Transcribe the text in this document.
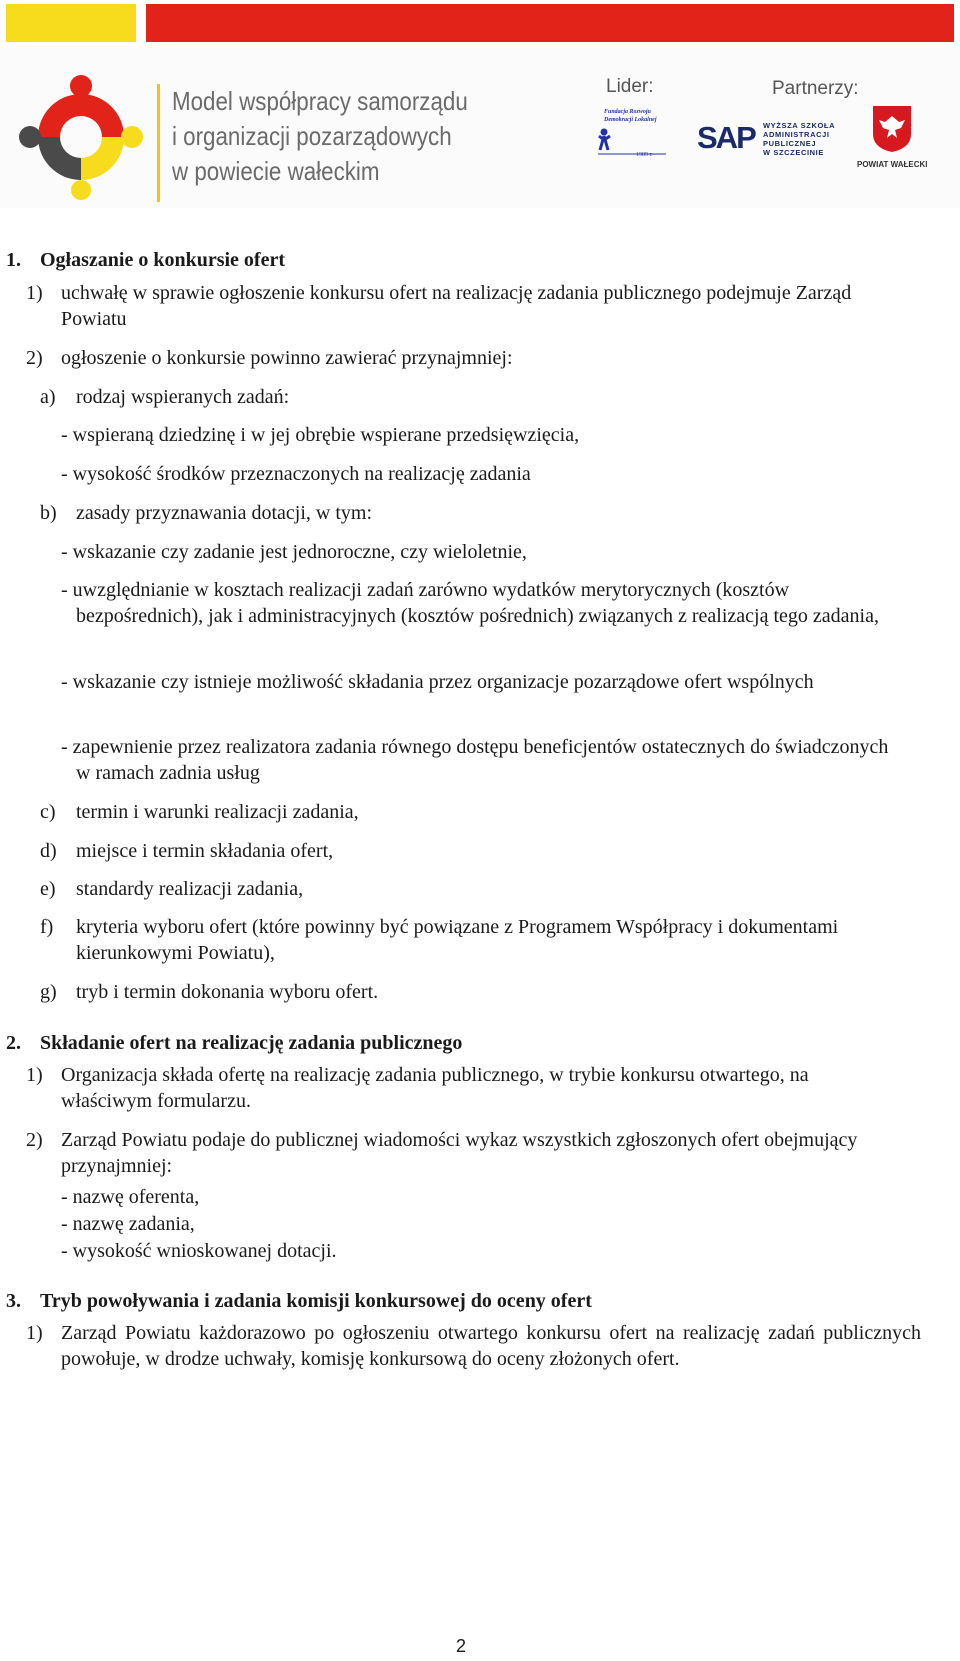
Model współpracy samorządu
i organizacji pozarządowych
w powiecie wałeckim
Lider:
Fundacja Rozwoju Demokracji Lokalnej
1989 r.
Partnerzy:
SAP WYŻSZA SZKOŁA
ADMINISTRACJI
PUBLICZNEJ
W SZCZECINIE
POWIAT WAŁECKI
1. Ogłaszanie o konkursie ofert
1) uchwałę w sprawie ogłoszenie konkursu ofert na realizację zadania publicznego podejmuje Zarząd Powiatu
2) ogłoszenie o konkursie powinno zawierać przynajmniej:
a) rodzaj wspieranych zadań:
- wspieraną dziedzinę i w jej obrębie wspierane przedsięwzięcia,
- wysokość środków przeznaczonych na realizację zadania
b) zasady przyznawania dotacji, w tym:
- wskazanie czy zadanie jest jednoroczne, czy wieloletnie,
- uwzględnianie w kosztach realizacji zadań zarówno wydatków merytorycznych (kosztów bezpośrednich), jak i administracyjnych (kosztów pośrednich) związanych z realizacją tego zadania,
- wskazanie czy istnieje możliwość składania przez organizacje pozarządowe ofert wspólnych
- zapewnienie przez realizatora zadania równego dostępu beneficjentów ostatecznych do świadczonych w ramach zadnia usług
c) termin i warunki realizacji zadania,
d) miejsce i termin składania ofert,
e) standardy realizacji zadania,
f) kryteria wyboru ofert (które powinny być powiązane z Programem Współpracy i dokumentami kierunkowymi Powiatu),
g) tryb i termin dokonania wyboru ofert.
2. Składanie ofert na realizację zadania publicznego
1) Organizacja składa ofertę na realizację zadania publicznego, w trybie konkursu otwartego, na właściwym formularzu.
2) Zarząd Powiatu podaje do publicznej wiadomości wykaz wszystkich zgłoszonych ofert obejmujący przynajmniej:
- nazwę oferenta,
- nazwę zadania,
- wysokość wnioskowanej dotacji.
3. Tryb powoływania i zadania komisji konkursowej do oceny ofert
1) Zarząd Powiatu każdorazowo po ogłoszeniu otwartego konkursu ofert na realizację zadań publicznych powołuje, w drodze uchwały, komisję konkursową do oceny złożonych ofert.
2
